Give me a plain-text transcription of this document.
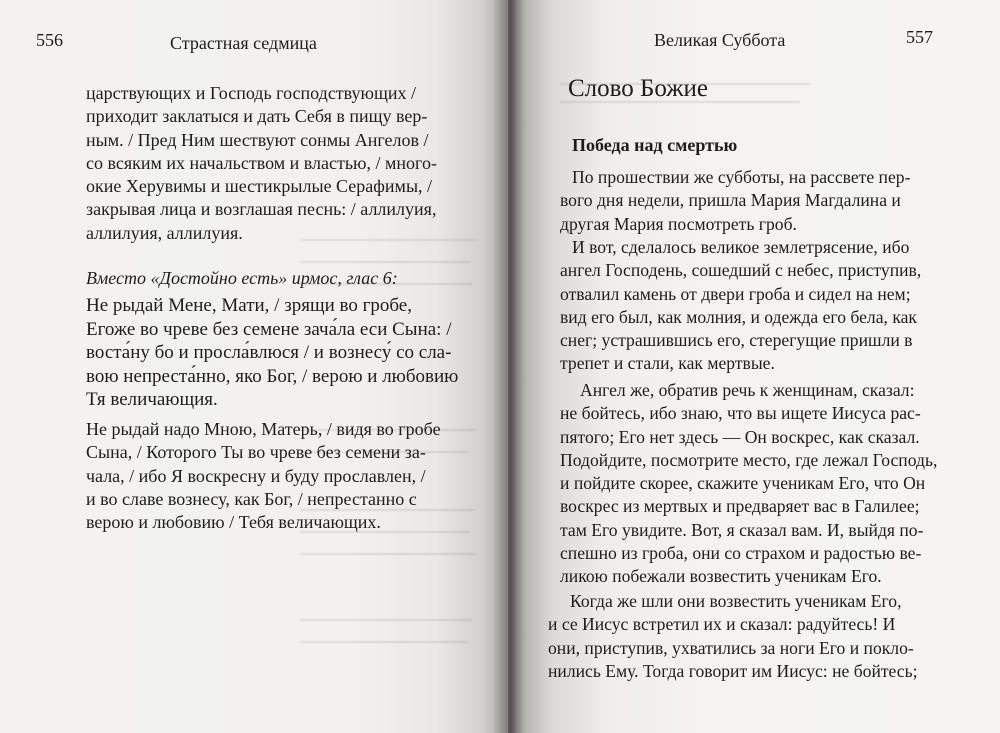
556	Страстная седмица
царствующих и Господь господствующих /
приходит заклатыся и дать Себя в пищу вер-
ным. / Пред Ним шествуют сонмы Ангелов /
со всяким их начальством и властью, / много-
окие Херувимы и шестикрылые Серафимы, /
закрывая лица и возглашая песнь: / аллилуия,
аллилуия, аллилуия.
Вместо «Достойно есть» ирмос, глас 6:
Не рыдай Мене, Мати, / зрящи во гробе,
Егоже во чреве без семене зача́ла еси Сына: /
воста́ну бо и просла́влюся / и вознесу́ со сла-
вою непреста́нно, яко Бог, / верою и любовию
Тя величающия.
Не рыдай надо Мною, Матерь, / видя во гробе
Сына, / Которого Ты во чреве без семени за-
чала, / ибо Я воскресну и буду прославлен, /
и во славе вознесу, как Бог, / непрестанно с
верою и любовию / Тебя величающих.
Великая Суббота	557
Слово Божие
Победа над смертью
По прошествии же субботы, на рассвете пер-
вого дня недели, пришла Мария Магдалина и
другая Мария посмотреть гроб.
И вот, сделалось великое землетрясение, ибо
ангел Господень, сошедший с небес, приступив,
отвалил камень от двери гроба и сидел на нем;
вид его был, как молния, и одежда его бела, как
снег; устрашившись его, стерегущие пришли в
трепет и стали, как мертвые.
Ангел же, обратив речь к женщинам, сказал:
не бойтесь, ибо знаю, что вы ищете Иисуса рас-
пятого; Его нет здесь — Он воскрес, как сказал.
Подойдите, посмотрите место, где лежал Господь,
и пойдите скорее, скажите ученикам Его, что Он
воскрес из мертвых и предваряет вас в Галилее;
там Его увидите. Вот, я сказал вам. И, выйдя по-
спешно из гроба, они со страхом и радостью ве-
ликою побежали возвестить ученикам Его.
Когда же шли они возвестить ученикам Его,
и се Иисус встретил их и сказал: радуйтесь! И
они, приступив, ухватились за ноги Его и покло-
нились Ему. Тогда говорит им Иисус: не бойтесь;
